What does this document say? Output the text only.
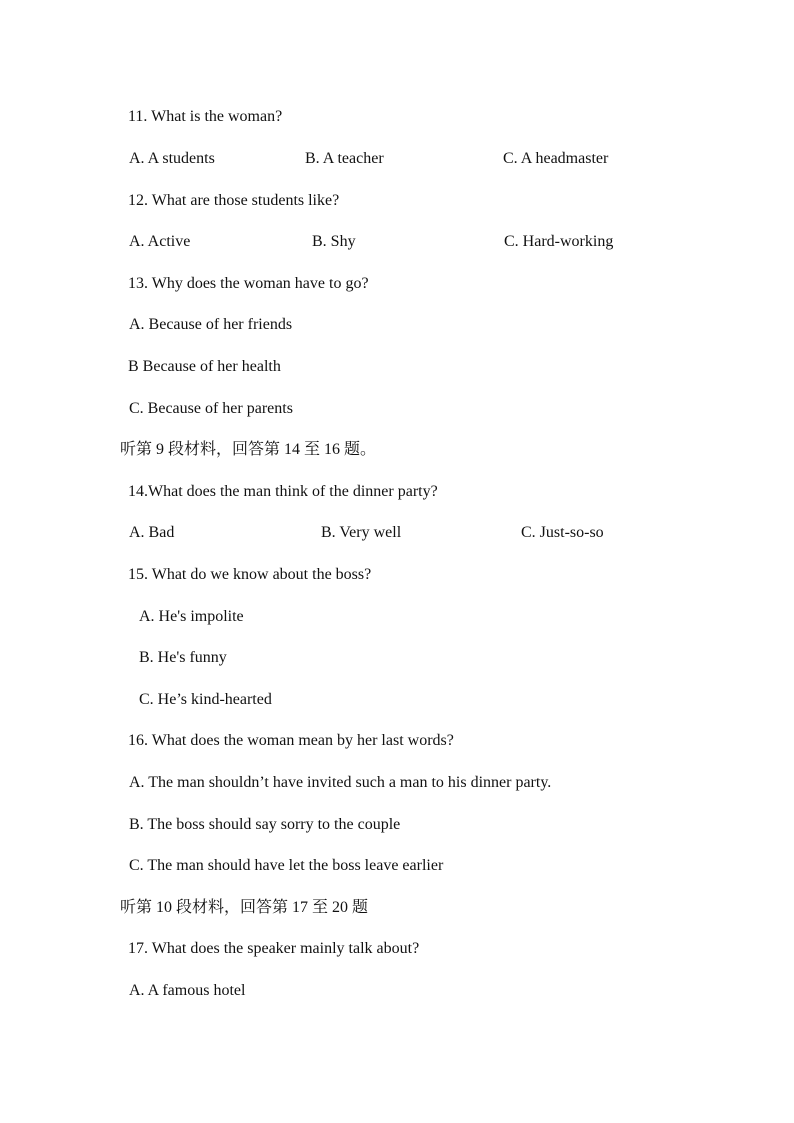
11. What is the woman?
A. A students	B. A teacher	C. A headmaster
12. What are those students like?
A. Active	B. Shy	C. Hard-working
13. Why does the woman have to go?
A. Because of her friends
B Because of her health
C. Because of her parents
听第 9 段材料，回答第 14 至 16 题。
14.What does the man think of the dinner party?
A. Bad	B. Very well	C. Just-so-so
15. What do we know about the boss?
A. He's impolite
B. He's funny
C. He’s kind-hearted
16. What does the woman mean by her last words?
A. The man shouldn’t have invited such a man to his dinner party.
B. The boss should say sorry to the couple
C. The man should have let the boss leave earlier
听第 10 段材料，回答第 17 至 20 题
17. What does the speaker mainly talk about?
A. A famous hotel
